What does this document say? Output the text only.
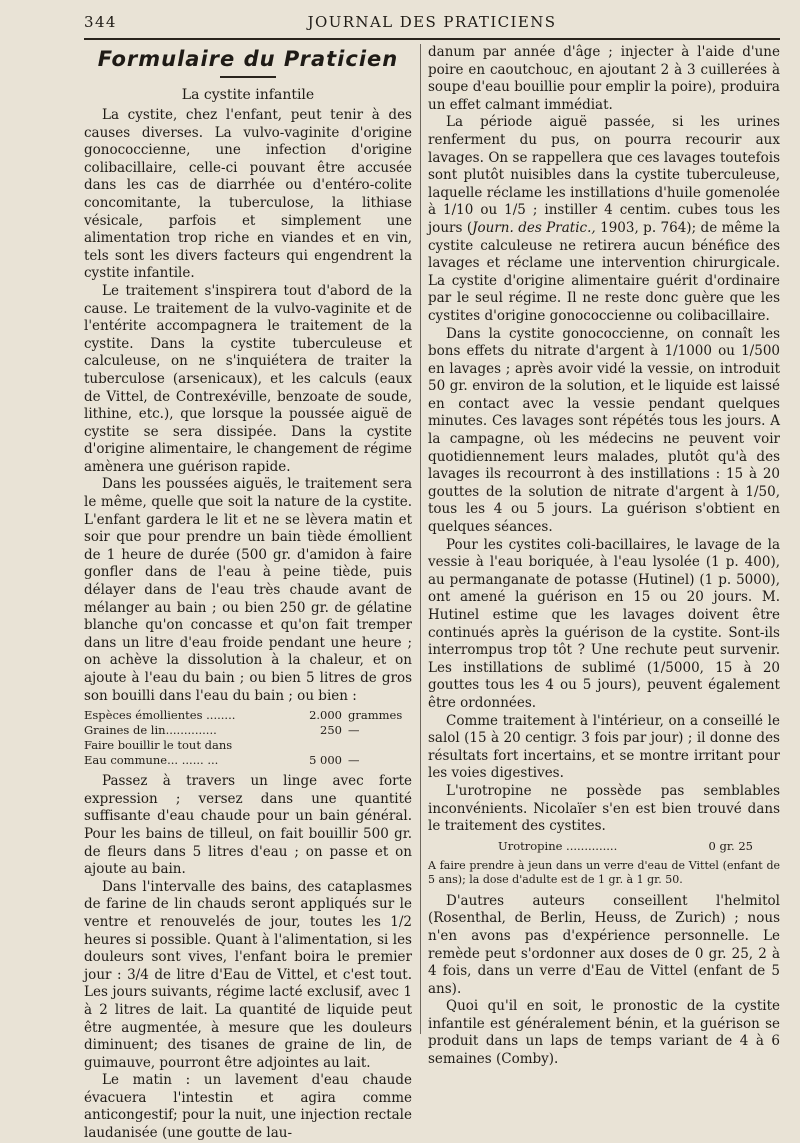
344	JOURNAL DES PRATICIENS
Formulaire du Praticien
La cystite infantile

La cystite, chez l'enfant, peut tenir à des causes diverses. La vulvo-vaginite d'origine gonococcienne, une infection d'origine colibacillaire, celle-ci pouvant être accusée dans les cas de diarrhée ou d'entéro-colite concomitante, la tuberculose, la lithiase vésicale, parfois et simplement une alimentation trop riche en viandes et en vin, tels sont les divers facteurs qui engendrent la cystite infantile.

Le traitement s'inspirera tout d'abord de la cause. Le traitement de la vulvo-vaginite et de l'entérite accompagnera le traitement de la cystite. Dans la cystite tuberculeuse et calculeuse, on ne s'inquiétera de traiter la tuberculose (arsenicaux), et les calculs (eaux de Vittel, de Contrexéville, benzoate de soude, lithine, etc.), que lorsque la poussée aiguë de cystite se sera dissipée. Dans la cystite d'origine alimentaire, le changement de régime amènera une guérison rapide.

Dans les poussées aiguës, le traitement sera le même, quelle que soit la nature de la cystite. L'enfant gardera le lit et ne se lèvera matin et soir que pour prendre un bain tiède émollient de 1 heure de durée (500 gr. d'amidon à faire gonfler dans de l'eau à peine tiède, puis délayer dans de l'eau très chaude avant de mélanger au bain ; ou bien 250 gr. de gélatine blanche qu'on concasse et qu'on fait tremper dans un litre d'eau froide pendant une heure ; on achève la dissolution à la chaleur, et on ajoute à l'eau du bain ; ou bien 5 litres de gros son bouilli dans l'eau du bain ; ou bien :

Espèces émollientes ........	2.000 grammes
Graines de lin..............	250 —
Faire bouillir le tout dans
Eau commune... ...... ...	5 000 —

Passez à travers un linge avec forte expression ; versez dans une quantité suffisante d'eau chaude pour un bain général. Pour les bains de tilleul, on fait bouillir 500 gr. de fleurs dans 5 litres d'eau ; on passe et on ajoute au bain.

Dans l'intervalle des bains, des cataplasmes de farine de lin chauds seront appliqués sur le ventre et renouvelés de jour, toutes les 1/2 heures si possible. Quant à l'alimentation, si les douleurs sont vives, l'enfant boira le premier jour : 3/4 de litre d'Eau de Vittel, et c'est tout. Les jours suivants, régime lacté exclusif, avec 1 à 2 litres de lait. La quantité de liquide peut être augmentée, à mesure que les douleurs diminuent; des tisanes de graine de lin, de guimauve, pourront être adjointes au lait.

Le matin : un lavement d'eau chaude évacuera l'intestin et agira comme anticongestif; pour la nuit, une injection rectale laudanisée (une goutte de lau-

danum par année d'âge ; injecter à l'aide d'une poire en caoutchouc, en ajoutant 2 à 3 cuillerées à soupe d'eau bouillie pour emplir la poire), produira un effet calmant immédiat.

La période aiguë passée, si les urines renferment du pus, on pourra recourir aux lavages. On se rappellera que ces lavages toutefois sont plutôt nuisibles dans la cystite tuberculeuse, laquelle réclame les instillations d'huile gomenolée à 1/10 ou 1/5 ; instiller 4 centim. cubes tous les jours (Journ. des Pratic., 1903, p. 764); de même la cystite calculeuse ne retirera aucun bénéfice des lavages et réclame une intervention chirurgicale. La cystite d'origine alimentaire guérit d'ordinaire par le seul régime. Il ne reste donc guère que les cystites d'origine gonococcienne ou colibacillaire.

Dans la cystite gonococcienne, on connaît les bons effets du nitrate d'argent à 1/1000 ou 1/500 en lavages ; après avoir vidé la vessie, on introduit 50 gr. environ de la solution, et le liquide est laissé en contact avec la vessie pendant quelques minutes. Ces lavages sont répétés tous les jours. A la campagne, où les médecins ne peuvent voir quotidiennement leurs malades, plutôt qu'à des lavages ils recourront à des instillations : 15 à 20 gouttes de la solution de nitrate d'argent à 1/50, tous les 4 ou 5 jours. La guérison s'obtient en quelques séances.

Pour les cystites coli-bacillaires, le lavage de la vessie à l'eau boriquée, à l'eau lysolée (1 p. 400), au permanganate de potasse (Hutinel) (1 p. 5000), ont amené la guérison en 15 ou 20 jours. M. Hutinel estime que les lavages doivent être continués après la guérison de la cystite. Sont-ils interrompus trop tôt ? Une rechute peut survenir. Les instillations de sublimé (1/5000, 15 à 20 gouttes tous les 4 ou 5 jours), peuvent également être ordonnées.

Comme traitement à l'intérieur, on a conseillé le salol (15 à 20 centigr. 3 fois par jour) ; il donne des résultats fort incertains, et se montre irritant pour les voies digestives.

L'urotropine ne possède pas semblables inconvénients. Nicolaïer s'en est bien trouvé dans le traitement des cystites.

Urotropine ..............	0 gr. 25
A faire prendre à jeun dans un verre d'eau de Vittel (enfant de 5 ans); la dose d'adulte est de 1 gr. à 1 gr. 50.

D'autres auteurs conseillent l'helmitol (Rosenthal, de Berlin, Heuss, de Zurich) ; nous n'en avons pas d'expérience personnelle. Le remède peut s'ordonner aux doses de 0 gr. 25, 2 à 4 fois, dans un verre d'Eau de Vittel (enfant de 5 ans).

Quoi qu'il en soit, le pronostic de la cystite infantile est généralement bénin, et la guérison se produit dans un laps de temps variant de 4 à 6 semaines (Comby).
